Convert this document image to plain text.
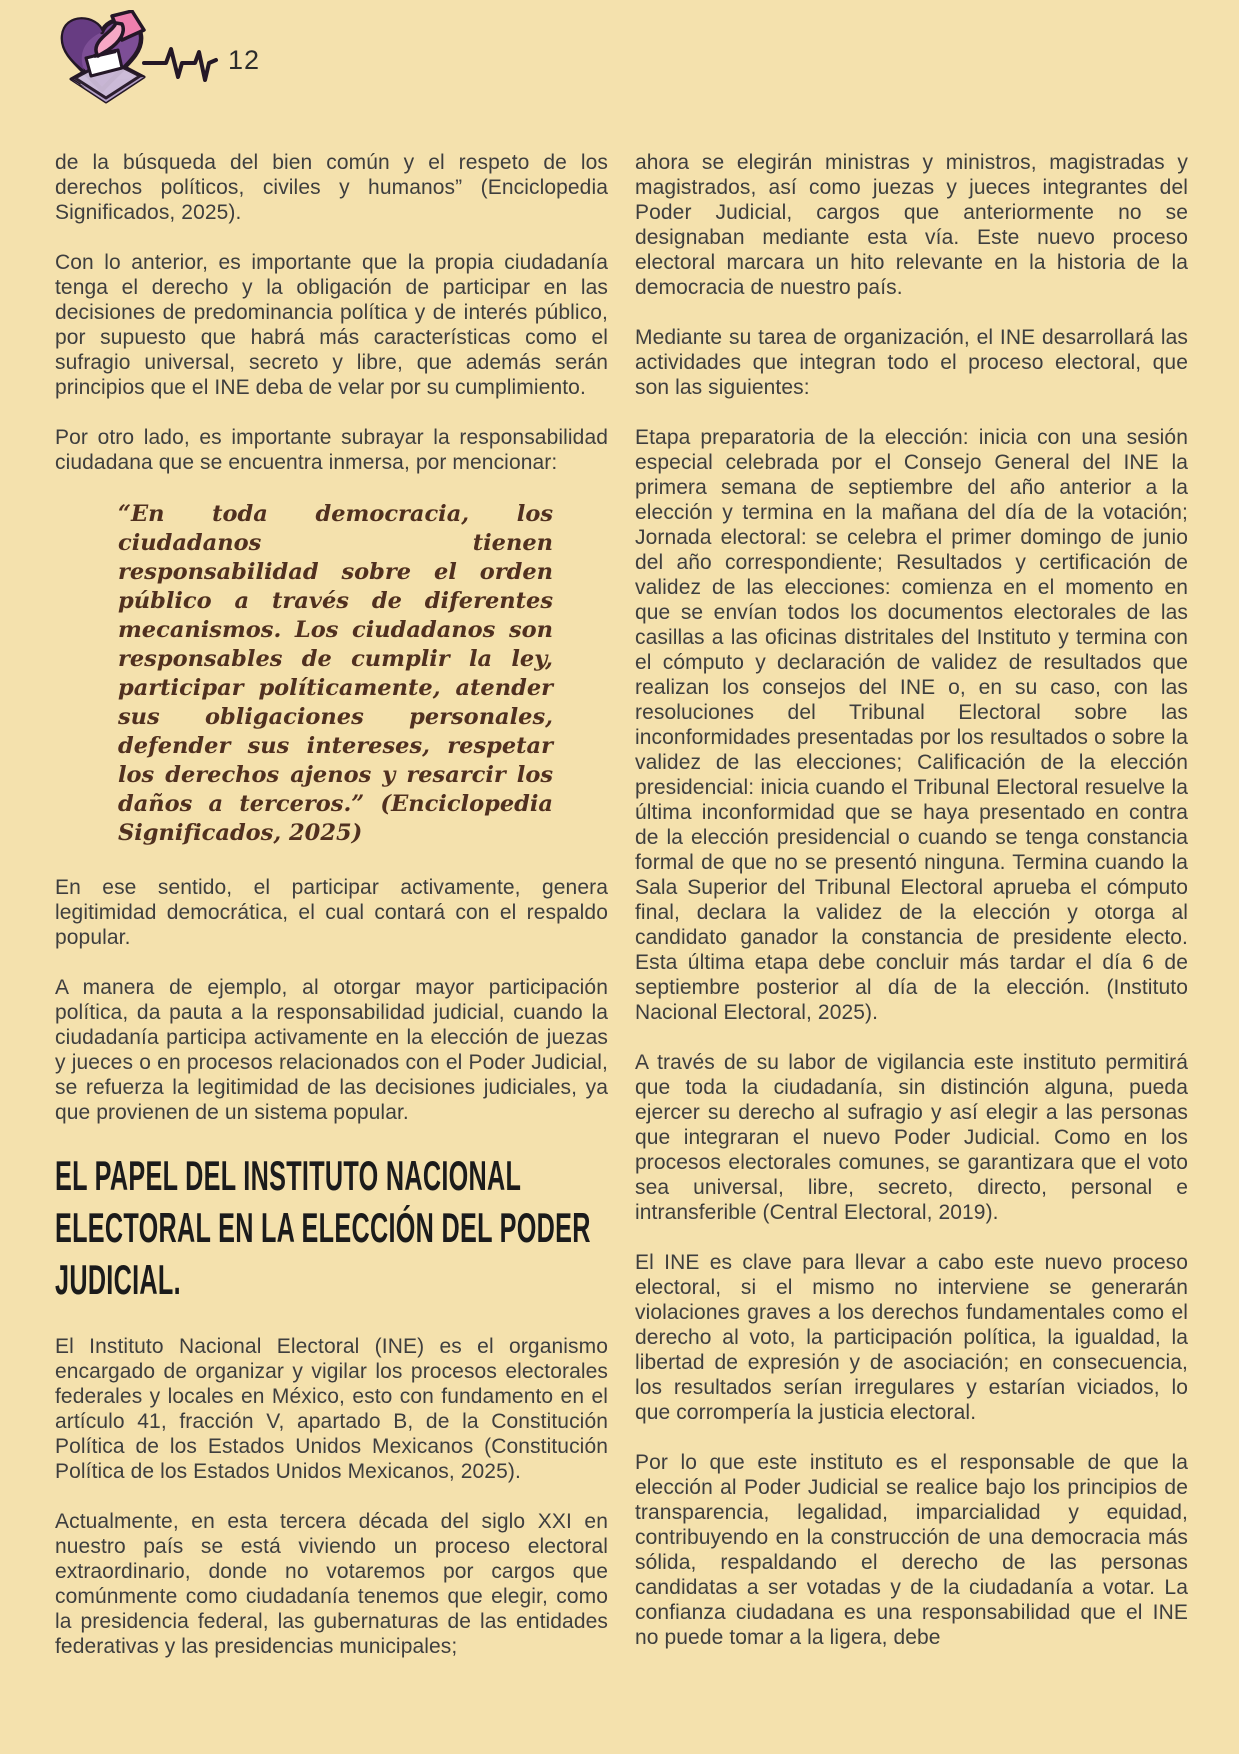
12

de la búsqueda del bien común y el respeto de los derechos políticos, civiles y humanos” (Enciclopedia Significados, 2025).

Con lo anterior, es importante que la propia ciudadanía tenga el derecho y la obligación de participar en las decisiones de predominancia política y de interés público, por supuesto que habrá más características como el sufragio universal, secreto y libre, que además serán principios que el INE deba de velar por su cumplimiento.

Por otro lado, es importante subrayar la responsabilidad ciudadana que se encuentra inmersa, por mencionar:

“En toda democracia, los ciudadanos tienen responsabilidad sobre el orden público a través de diferentes mecanismos. Los ciudadanos son responsables de cumplir la ley, participar políticamente, atender sus obligaciones personales, defender sus intereses, respetar los derechos ajenos y resarcir los daños a terceros.” (Enciclopedia Significados, 2025)

En ese sentido, el participar activamente, genera legitimidad democrática, el cual contará con el respaldo popular.

A manera de ejemplo, al otorgar mayor participación política, da pauta a la responsabilidad judicial, cuando la ciudadanía participa activamente en la elección de juezas y jueces o en procesos relacionados con el Poder Judicial, se refuerza la legitimidad de las decisiones judiciales, ya que provienen de un sistema popular.

EL PAPEL DEL INSTITUTO NACIONAL
ELECTORAL EN LA ELECCIÓN DEL PODER
JUDICIAL.

El Instituto Nacional Electoral (INE) es el organismo encargado de organizar y vigilar los procesos electorales federales y locales en México, esto con fundamento en el artículo 41, fracción V, apartado B, de la Constitución Política de los Estados Unidos Mexicanos (Constitución Política de los Estados Unidos Mexicanos, 2025).

Actualmente, en esta tercera década del siglo XXI en nuestro país se está viviendo un proceso electoral extraordinario, donde no votaremos por cargos que comúnmente como ciudadanía tenemos que elegir, como la presidencia federal, las gubernaturas de las entidades federativas y las presidencias municipales;

ahora se elegirán ministras y ministros, magistradas y magistrados, así como juezas y jueces integrantes del Poder Judicial, cargos que anteriormente no se designaban mediante esta vía. Este nuevo proceso electoral marcara un hito relevante en la historia de la democracia de nuestro país.

Mediante su tarea de organización, el INE desarrollará las actividades que integran todo el proceso electoral, que son las siguientes:

Etapa preparatoria de la elección: inicia con una sesión especial celebrada por el Consejo General del INE la primera semana de septiembre del año anterior a la elección y termina en la mañana del día de la votación; Jornada electoral: se celebra el primer domingo de junio del año correspondiente; Resultados y certificación de validez de las elecciones: comienza en el momento en que se envían todos los documentos electorales de las casillas a las oficinas distritales del Instituto y termina con el cómputo y declaración de validez de resultados que realizan los consejos del INE o, en su caso, con las resoluciones del Tribunal Electoral sobre las inconformidades presentadas por los resultados o sobre la validez de las elecciones; Calificación de la elección presidencial: inicia cuando el Tribunal Electoral resuelve la última inconformidad que se haya presentado en contra de la elección presidencial o cuando se tenga constancia formal de que no se presentó ninguna. Termina cuando la Sala Superior del Tribunal Electoral aprueba el cómputo final, declara la validez de la elección y otorga al candidato ganador la constancia de presidente electo. Esta última etapa debe concluir más tardar el día 6 de septiembre posterior al día de la elección. (Instituto Nacional Electoral, 2025).

A través de su labor de vigilancia este instituto permitirá que toda la ciudadanía, sin distinción alguna, pueda ejercer su derecho al sufragio y así elegir a las personas que integraran el nuevo Poder Judicial. Como en los procesos electorales comunes, se garantizara que el voto sea universal, libre, secreto, directo, personal e intransferible (Central Electoral, 2019).

El INE es clave para llevar a cabo este nuevo proceso electoral, si el mismo no interviene se generarán violaciones graves a los derechos fundamentales como el derecho al voto, la participación política, la igualdad, la libertad de expresión y de asociación; en consecuencia, los resultados serían irregulares y estarían viciados, lo que corrompería la justicia electoral.

Por lo que este instituto es el responsable de que la elección al Poder Judicial se realice bajo los principios de transparencia, legalidad, imparcialidad y equidad, contribuyendo en la construcción de una democracia más sólida, respaldando el derecho de las personas candidatas a ser votadas y de la ciudadanía a votar. La confianza ciudadana es una responsabilidad que el INE no puede tomar a la ligera, debe
